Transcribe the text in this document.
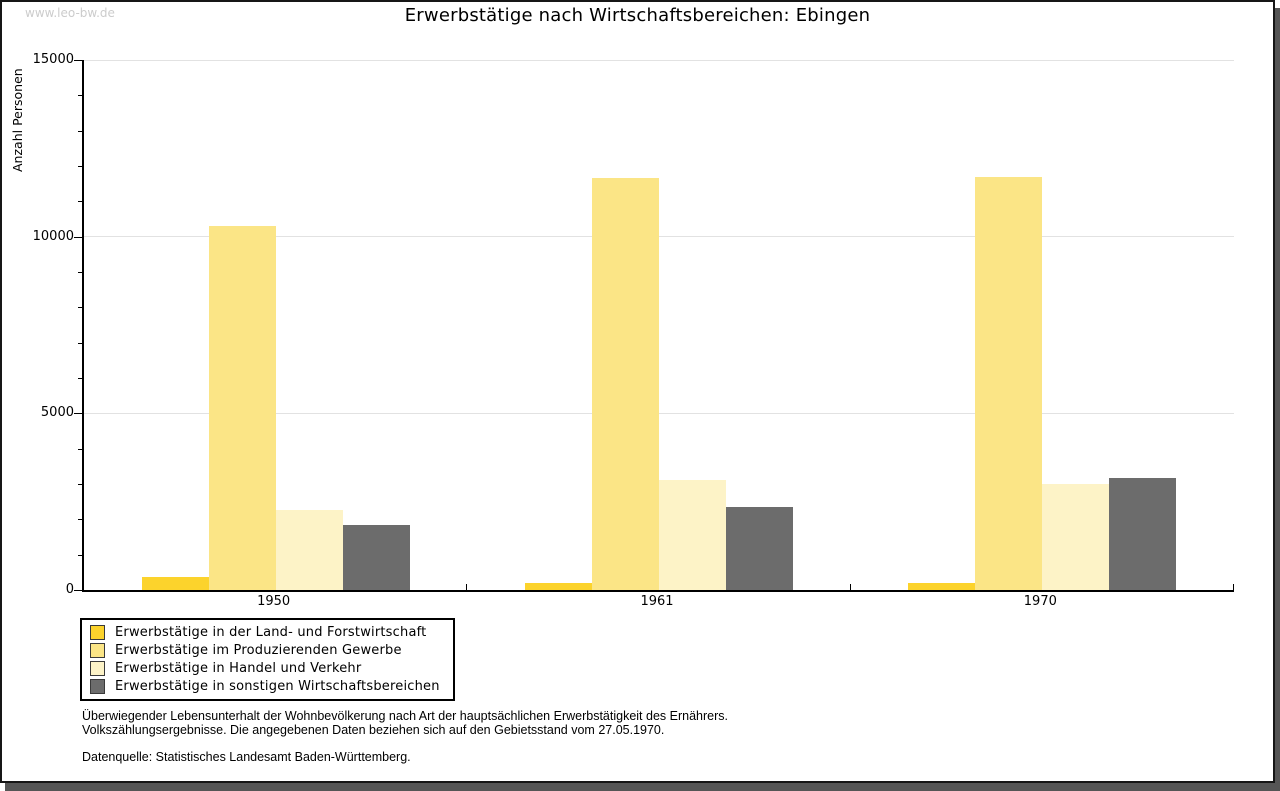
www.leo-bw.de	Erwerbstätige nach Wirtschaftsbereichen: Ebingen
Anzahl Personen
1950	1961	1970
Erwerbstätige in der Land- und Forstwirtschaft
Erwerbstätige im Produzierenden Gewerbe
Erwerbstätige in Handel und Verkehr
Erwerbstätige in sonstigen Wirtschaftsbereichen
Überwiegender Lebensunterhalt der Wohnbevölkerung nach Art der hauptsächlichen Erwerbstätigkeit des Ernährers.
Volkszählungsergebnisse. Die angegebenen Daten beziehen sich auf den Gebietsstand vom 27.05.1970.
Datenquelle: Statistisches Landesamt Baden-Württemberg.
0
5000
10000
15000
